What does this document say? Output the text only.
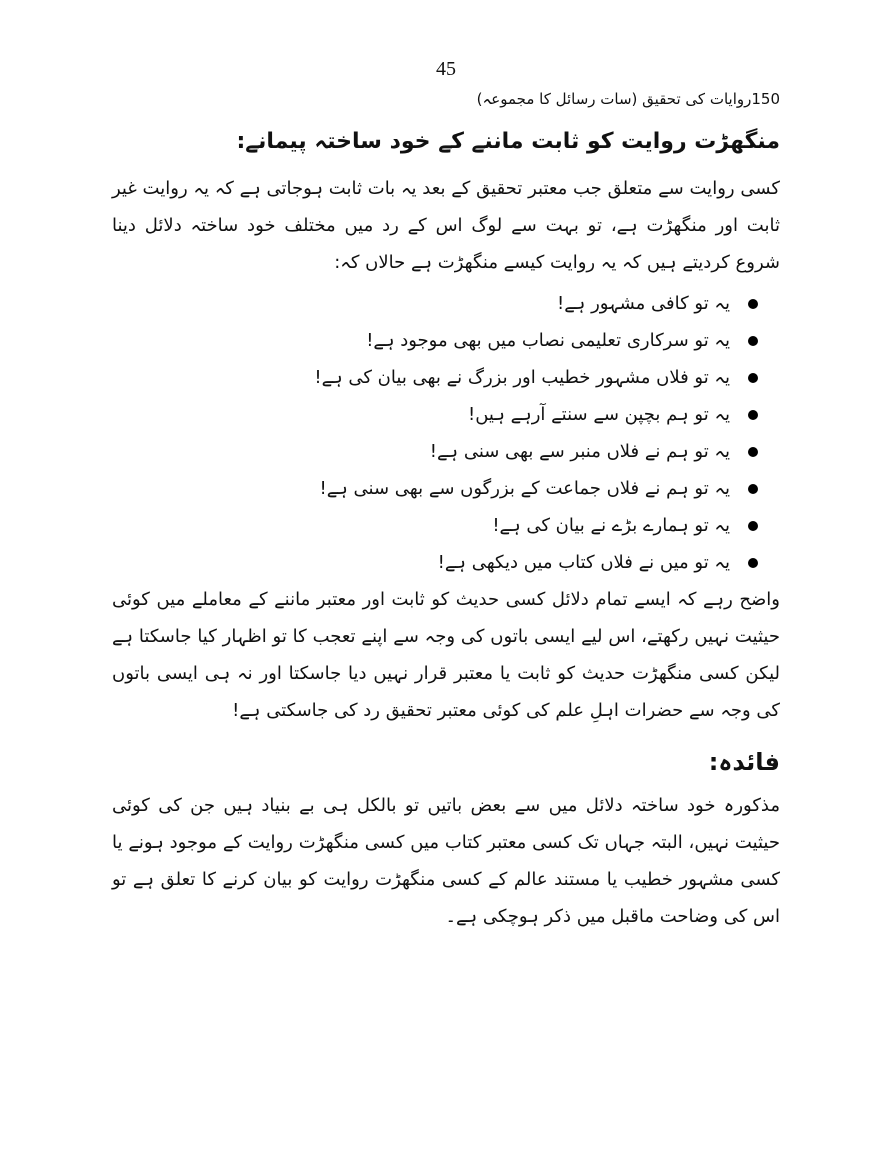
45
150روایات کی تحقیق (سات رسائل کا مجموعہ)
منگھڑت روایت کو ثابت ماننے کے خود ساختہ پیمانے:

کسی روایت سے متعلق جب معتبر تحقیق کے بعد یہ بات ثابت ہوجاتی ہے کہ یہ روایت غیر ثابت اور منگھڑت ہے، تو بہت سے لوگ اس کے رد میں مختلف خود ساختہ دلائل دینا شروع کردیتے ہیں کہ یہ روایت کیسے منگھڑت ہے حالاں کہ:

یہ تو کافی مشہور ہے!
یہ تو سرکاری تعلیمی نصاب میں بھی موجود ہے!
یہ تو فلاں مشہور خطیب اور بزرگ نے بھی بیان کی ہے!
یہ تو ہم بچپن سے سنتے آرہے ہیں!
یہ تو ہم نے فلاں منبر سے بھی سنی ہے!
یہ تو ہم نے فلاں جماعت کے بزرگوں سے بھی سنی ہے!
یہ تو ہمارے بڑے نے بیان کی ہے!
یہ تو میں نے فلاں کتاب میں دیکھی ہے!

واضح رہے کہ ایسے تمام دلائل کسی حدیث کو ثابت اور معتبر ماننے کے معاملے میں کوئی حیثیت نہیں رکھتے، اس لیے ایسی باتوں کی وجہ سے اپنے تعجب کا تو اظہار کیا جاسکتا ہے لیکن کسی منگھڑت حدیث کو ثابت یا معتبر قرار نہیں دیا جاسکتا اور نہ ہی ایسی باتوں کی وجہ سے حضرات اہلِ علم کی کوئی معتبر تحقیق رد کی جاسکتی ہے!

فائدہ:

مذکورہ خود ساختہ دلائل میں سے بعض باتیں تو بالکل ہی بے بنیاد ہیں جن کی کوئی حیثیت نہیں، البتہ جہاں تک کسی معتبر کتاب میں کسی منگھڑت روایت کے موجود ہونے یا کسی مشہور خطیب یا مستند عالم کے کسی منگھڑت روایت کو بیان کرنے کا تعلق ہے تو اس کی وضاحت ماقبل میں ذکر ہوچکی ہے۔
